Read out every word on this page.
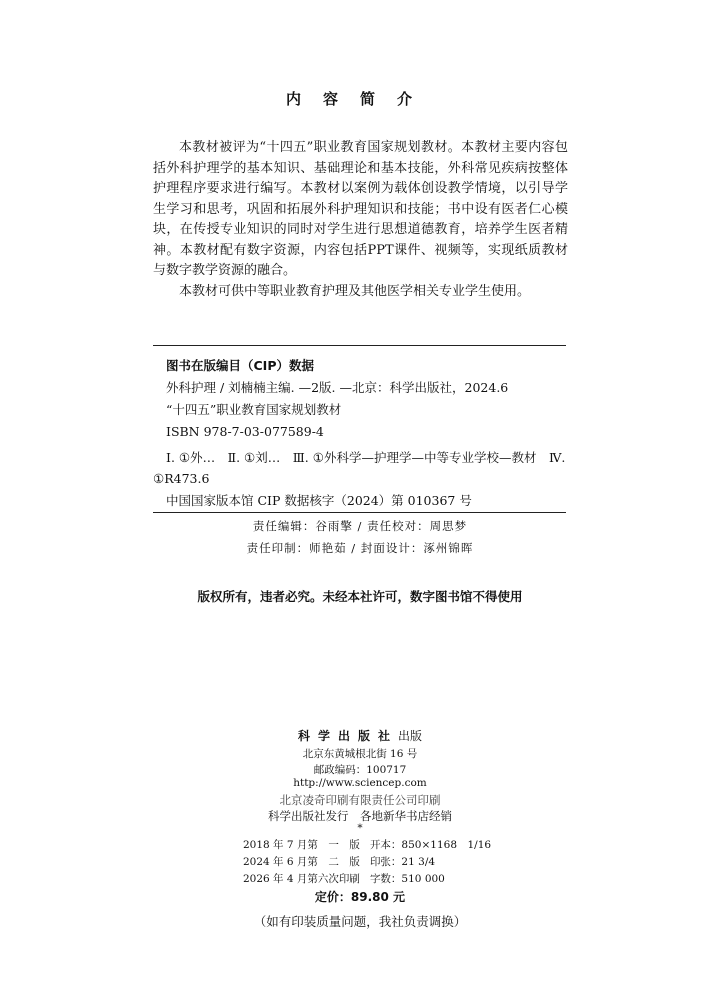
内容简介

本教材被评为“十四五”职业教育国家规划教材。本教材主要内容包括外科护理学的基本知识、基础理论和基本技能，外科常见疾病按整体护理程序要求进行编写。本教材以案例为载体创设教学情境，以引导学生学习和思考，巩固和拓展外科护理知识和技能；书中设有医者仁心模块，在传授专业知识的同时对学生进行思想道德教育，培养学生医者精神。本教材配有数字资源，内容包括PPT课件、视频等，实现纸质教材与数字教学资源的融合。

本教材可供中等职业教育护理及其他医学相关专业学生使用。

图书在版编目（CIP）数据
外科护理 / 刘楠楠主编. —2版. —北京：科学出版社，2024.6
“十四五”职业教育国家规划教材
ISBN 978-7-03-077589-4
Ⅰ. ①外…　Ⅱ. ①刘…　Ⅲ. ①外科学—护理学—中等专业学校—教材　Ⅳ. ①R473.6
中国国家版本馆 CIP 数据核字（2024）第 010367 号
责任编辑：谷雨擎 / 责任校对：周思梦
责任印制：师艳茹 / 封面设计：涿州锦晖
版权所有，违者必究。未经本社许可，数字图书馆不得使用
科学出版社出版
北京东黄城根北街 16 号
邮政编码：100717
http://www.sciencep.com
北京凌奇印刷有限责任公司印刷
科学出版社发行　各地新华书店经销
*
2018 年 7 月第　一　版 开本：850×1168　1/16
2024 年 6 月第　二　版 印张：21 3/4
2026 年 4 月第六次印刷 字数：510 000
定价：89.80 元
（如有印装质量问题，我社负责调换）
